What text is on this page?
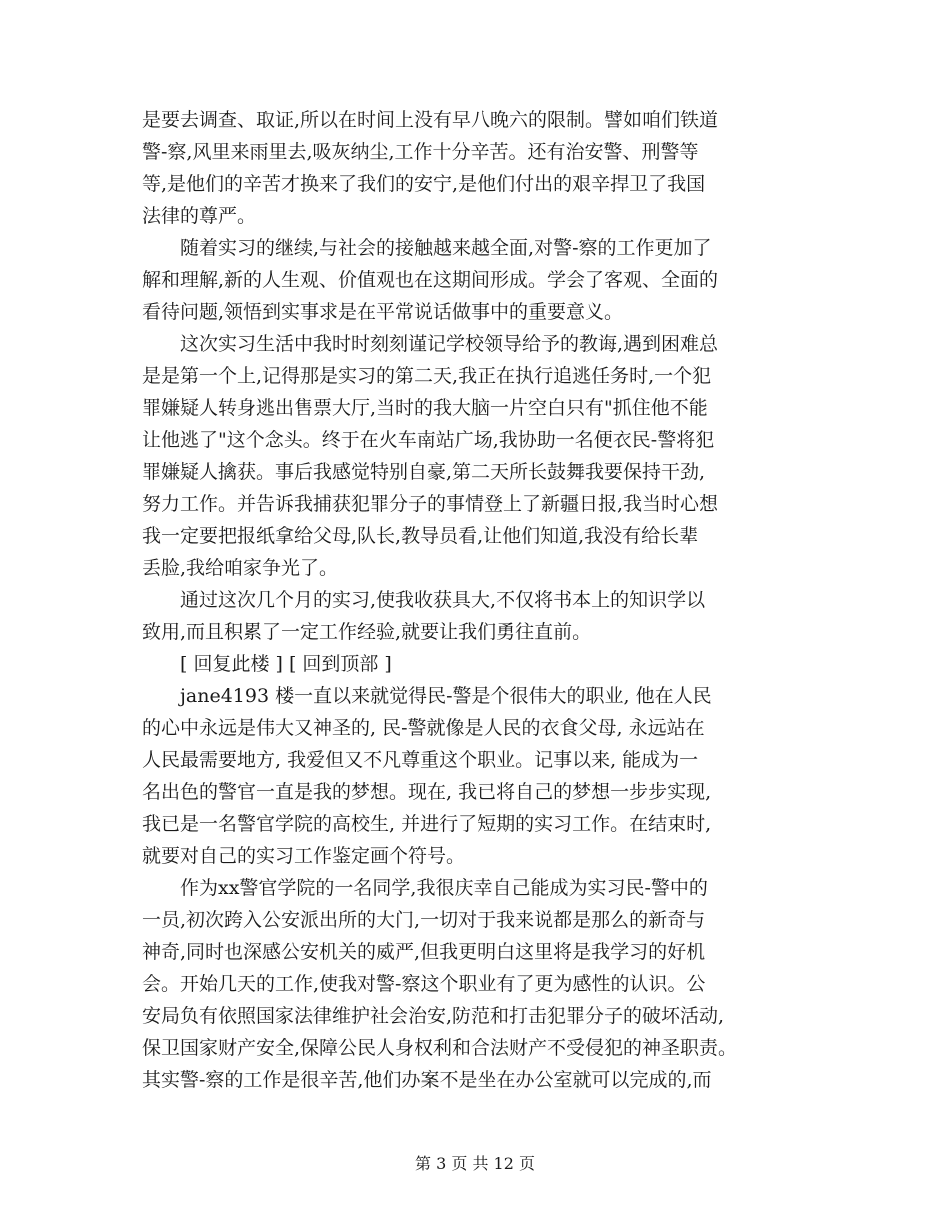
是要去调查、取证,所以在时间上没有早八晚六的限制。譬如咱们铁道
警-察,风里来雨里去,吸灰纳尘,工作十分辛苦。还有治安警、刑警等
等,是他们的辛苦才换来了我们的安宁,是他们付出的艰辛捍卫了我国
法律的尊严。
　　随着实习的继续,与社会的接触越来越全面,对警-察的工作更加了
解和理解,新的人生观、价值观也在这期间形成。学会了客观、全面的
看待问题,领悟到实事求是在平常说话做事中的重要意义。
　　这次实习生活中我时时刻刻谨记学校领导给予的教诲,遇到困难总
是是第一个上,记得那是实习的第二天,我正在执行追逃任务时,一个犯
罪嫌疑人转身逃出售票大厅,当时的我大脑一片空白只有"抓住他不能
让他逃了"这个念头。终于在火车南站广场,我协助一名便衣民-警将犯
罪嫌疑人擒获。事后我感觉特别自豪,第二天所长鼓舞我要保持干劲,
努力工作。并告诉我捕获犯罪分子的事情登上了新疆日报,我当时心想
我一定要把报纸拿给父母,队长,教导员看,让他们知道,我没有给长辈
丢脸,我给咱家争光了。
　　通过这次几个月的实习,使我收获具大,不仅将书本上的知识学以
致用,而且积累了一定工作经验,就要让我们勇往直前。
　　[ 回复此楼 ] [ 回到顶部 ]
　　jane4193 楼一直以来就觉得民-警是个很伟大的职业, 他在人民
的心中永远是伟大又神圣的, 民-警就像是人民的衣食父母, 永远站在
人民最需要地方, 我爱但又不凡尊重这个职业。记事以来, 能成为一
名出色的警官一直是我的梦想。现在, 我已将自己的梦想一步步实现,
我已是一名警官学院的高校生, 并进行了短期的实习工作。在结束时,
就要对自己的实习工作鉴定画个符号。
　　作为xx警官学院的一名同学,我很庆幸自己能成为实习民-警中的
一员,初次跨入公安派出所的大门,一切对于我来说都是那么的新奇与
神奇,同时也深感公安机关的威严,但我更明白这里将是我学习的好机
会。开始几天的工作,使我对警-察这个职业有了更为感性的认识。公
安局负有依照国家法律维护社会治安,防范和打击犯罪分子的破坏活动,
保卫国家财产安全,保障公民人身权利和合法财产不受侵犯的神圣职责。
其实警-察的工作是很辛苦,他们办案不是坐在办公室就可以完成的,而
第 3 页 共 12 页
